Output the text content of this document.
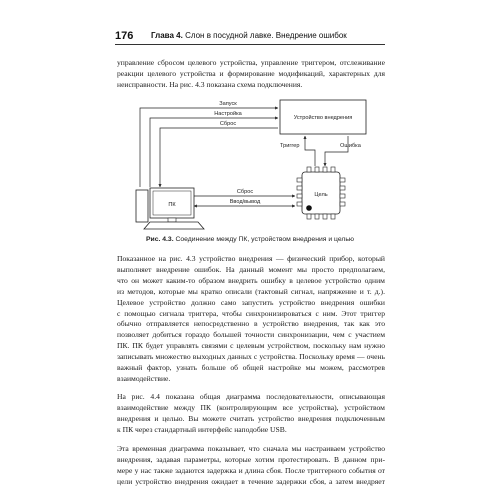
176 Глава 4. Слон в посудной лавке. Внедрение ошибок
управление сбросом целевого устройства, управление триггером, отслеживание
реакции целевого устройства и формирование модификаций, характерных для
неисправности. На рис. 4.3 показана схема подключения.
Устройство внедрения
Запуск
Настройка
Сброс
Триггер	Ошибка
ПК
Цель
Сброс
Ввод/вывод
Рис. 4.3. Соединение между ПК, устройством внедрения и целью
Показанное на рис. 4.3 устройство внедрения — физический прибор, который
выполняет внедрение ошибок. На данный момент мы просто предполагаем,
что он может каким-то образом внедрить ошибку в целевое устройство одним
из методов, которые мы кратко описали (тактовый сигнал, напряжение и т. д.).
Целевое устройство должно само запустить устройство внедрения ошибки
с помощью сигнала триггера, чтобы синхронизироваться с ним. Этот триггер
обычно отправляется непосредственно в устройство внедрения, так как это
позволяет добиться гораздо большей точности синхронизации, чем с участием
ПК. ПК будет управлять связями с целевым устройством, поскольку нам нужно
записывать множество выходных данных с устройства. Поскольку время — очень
важный фактор, узнать больше об общей настройке мы можем, рассмотрев
взаимодействие.
На рис. 4.4 показана общая диаграмма последовательности, описывающая
взаимодействие между ПК (контролирующим все устройства), устройством
внедрения и целью. Вы можете считать устройство внедрения подключенным
к ПК через стандартный интерфейс наподобие USB.
Эта временная диаграмма показывает, что сначала мы настраиваем устройство
внедрения, задавая параметры, которые хотим протестировать. В данном при-
мере у нас также задаются задержка и длина сбоя. После триггерного события от
цели устройство внедрения ожидает в течение задержки сбоя, а затем внедряет
